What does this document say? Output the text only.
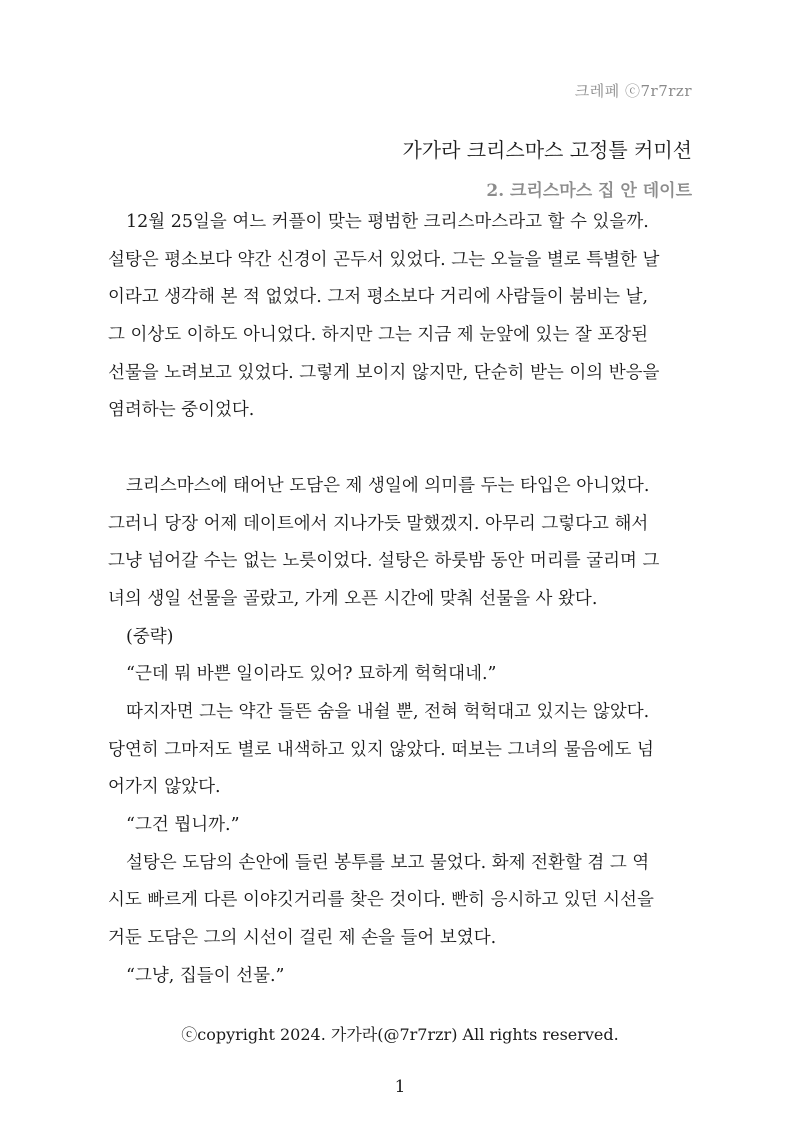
크레페 ⓒ7r7rzr
가가라 크리스마스 고정틀 커미션
2. 크리스마스 집 안 데이트
12월 25일을 여느 커플이 맞는 평범한 크리스마스라고 할 수 있을까.
설탕은 평소보다 약간 신경이 곤두서 있었다. 그는 오늘을 별로 특별한 날
이라고 생각해 본 적 없었다. 그저 평소보다 거리에 사람들이 붐비는 날,
그 이상도 이하도 아니었다. 하지만 그는 지금 제 눈앞에 있는 잘 포장된
선물을 노려보고 있었다. 그렇게 보이지 않지만, 단순히 받는 이의 반응을
염려하는 중이었다.
크리스마스에 태어난 도담은 제 생일에 의미를 두는 타입은 아니었다.
그러니 당장 어제 데이트에서 지나가듯 말했겠지. 아무리 그렇다고 해서
그냥 넘어갈 수는 없는 노릇이었다. 설탕은 하룻밤 동안 머리를 굴리며 그
녀의 생일 선물을 골랐고, 가게 오픈 시간에 맞춰 선물을 사 왔다.
(중략)
“근데 뭐 바쁜 일이라도 있어? 묘하게 헉헉대네.”
따지자면 그는 약간 들뜬 숨을 내쉴 뿐, 전혀 헉헉대고 있지는 않았다.
당연히 그마저도 별로 내색하고 있지 않았다. 떠보는 그녀의 물음에도 넘
어가지 않았다.
“그건 뭡니까.”
설탕은 도담의 손안에 들린 봉투를 보고 물었다. 화제 전환할 겸 그 역
시도 빠르게 다른 이야깃거리를 찾은 것이다. 빤히 응시하고 있던 시선을
거둔 도담은 그의 시선이 걸린 제 손을 들어 보였다.
“그냥, 집들이 선물.”
ⓒcopyright 2024. 가가라(@7r7rzr) All rights reserved.
1
